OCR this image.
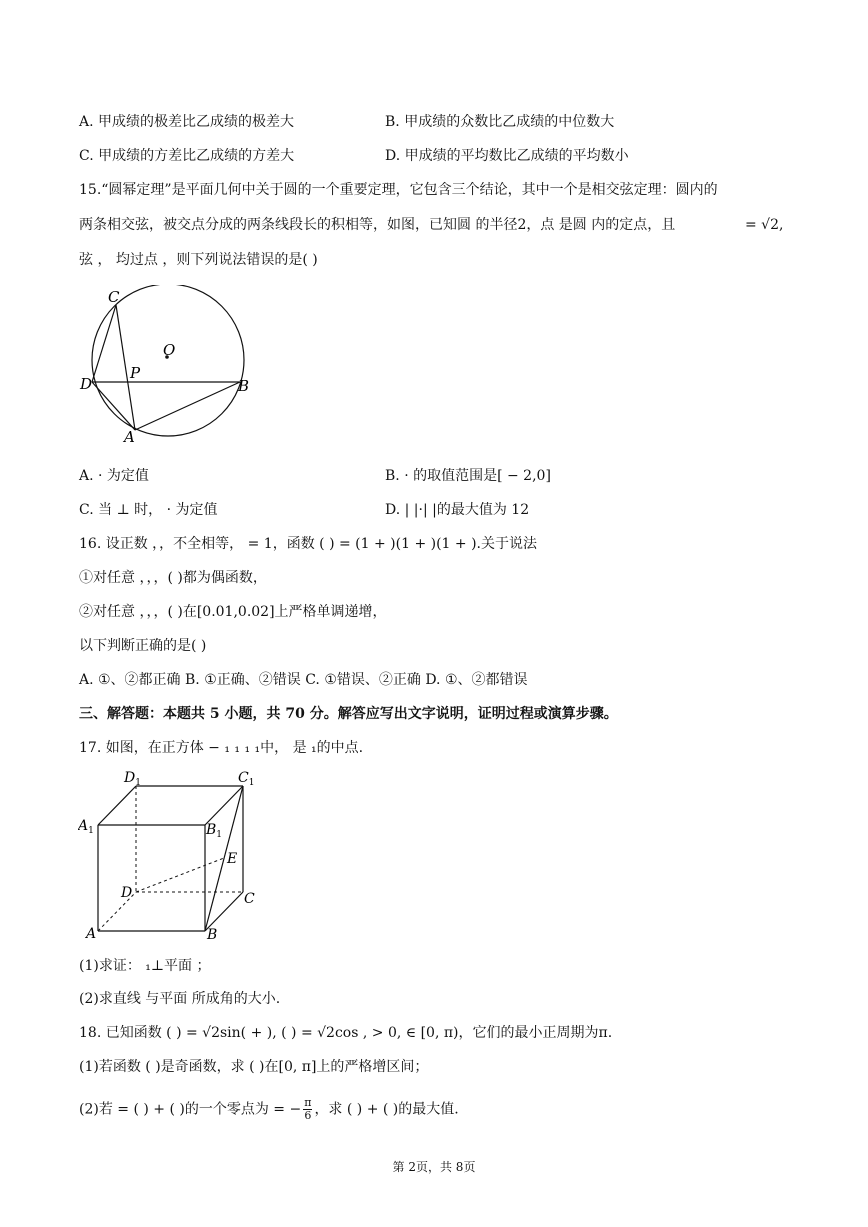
A. 甲成绩的极差比乙成绩的极差大	B. 甲成绩的众数比乙成绩的中位数大
C. 甲成绩的方差比乙成绩的方差大	D. 甲成绩的平均数比乙成绩的平均数小
15.“圆幂定理”是平面几何中关于圆的一个重要定理，它包含三个结论，其中一个是相交弦定理：圆内的
两条相交弦，被交点分成的两条线段长的积相等，如图，已知圆 的半径2，点 是圆 内的定点，且	= √2,
弦 ， 均过点 ，则下列说法错误的是( )
C
O
D
P
B
A
A. · 为定值	B. · 的取值范围是[ − 2,0]
C. 当 ⊥ 时， · 为定值	D. | |·| |的最大值为 12
16. 设正数 ，，不全相等， = 1，函数 ( ) = (1 + )(1 + )(1 + ).关于说法
①对任意 ，，，( )都为偶函数，
②对任意 ，，，( )在[0.01,0.02]上严格单调递增，
以下判断正确的是( )
A. ①、②都正确 B. ①正确、②错误 C. ①错误、②正确 D. ①、②都错误
三、解答题：本题共 5 小题，共 70 分。解答应写出文字说明，证明过程或演算步骤。
17. 如图，在正方体 − ₁ ₁ ₁ ₁中， 是 ₁的中点.
$D_1$	$C_1$
$A_1$	$B_1$
E
D	C
A	B
(1)求证： ₁⊥平面 ；
(2)求直线 与平面 所成角的大小.
18. 已知函数 ( ) = √2sin( + ), ( ) = √2cos , > 0, ∈ [0, π)，它们的最小正周期为π.
(1)若函数 ( )是奇函数，求 ( )在[0, π]上的严格增区间；
(2)若 = ( ) + ( )的一个零点为 = − $\frac{\pi}{6}$ ，求 ( ) + ( )的最大值.
第 2页，共 8页
